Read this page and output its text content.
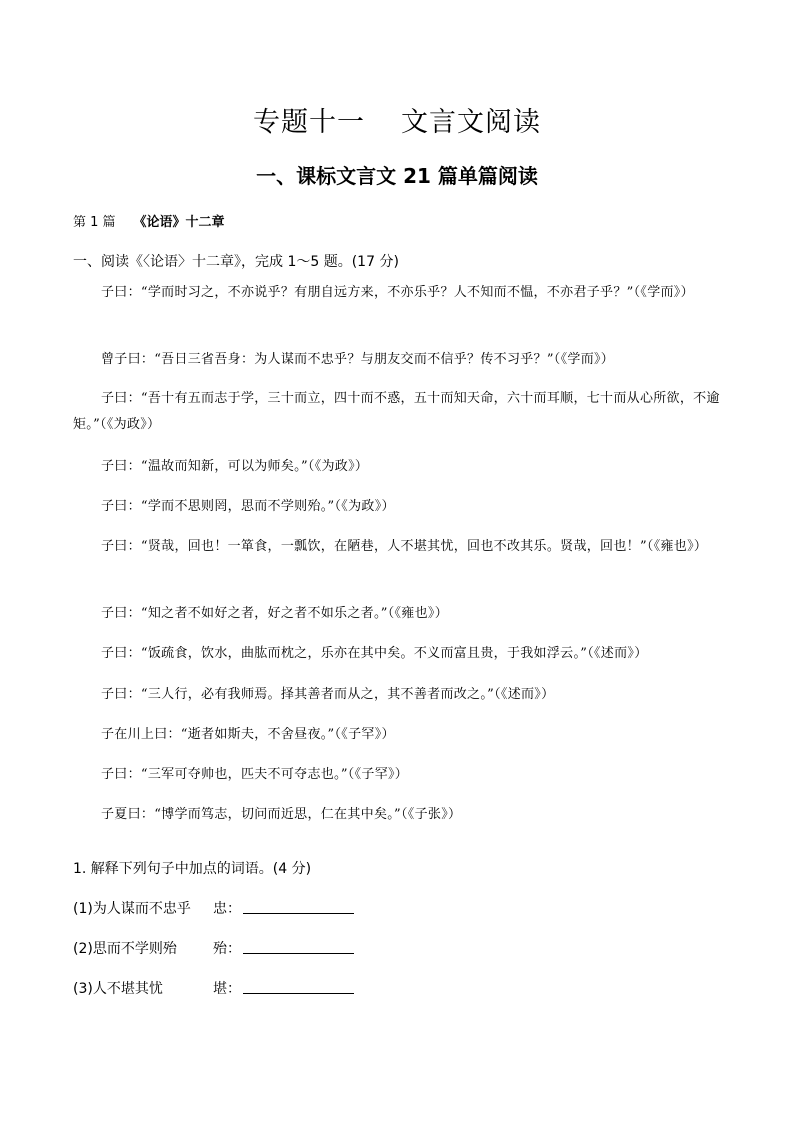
专题十一 文言文阅读
一、课标文言文 21 篇单篇阅读
第 1 篇 《论语》十二章
一、阅读《〈论语〉十二章》，完成 1～5 题。(17 分)

子曰：“学而时习之，不亦说乎？有朋自远方来，不亦乐乎？人不知而不愠，不亦君子乎？”（《学而》）

曾子曰：“吾日三省吾身：为人谋而不忠乎？与朋友交而不信乎？传不习乎？”（《学而》）

子曰：“吾十有五而志于学，三十而立，四十而不惑，五十而知天命，六十而耳顺，七十而从心所欲，不逾矩。”（《为政》）

子曰：“温故而知新，可以为师矣。”（《为政》）

子曰：“学而不思则罔，思而不学则殆。”（《为政》）

子曰：“贤哉，回也！一箪食，一瓢饮，在陋巷，人不堪其忧，回也不改其乐。贤哉，回也！”（《雍也》）

子曰：“知之者不如好之者，好之者不如乐之者。”（《雍也》）

子曰：“饭疏食，饮水，曲肱而枕之，乐亦在其中矣。不义而富且贵，于我如浮云。”（《述而》）

子曰：“三人行，必有我师焉。择其善者而从之，其不善者而改之。”（《述而》）

子在川上曰：“逝者如斯夫，不舍昼夜。”（《子罕》）

子曰：“三军可夺帅也，匹夫不可夺志也。”（《子罕》）

子夏曰：“博学而笃志，切问而近思，仁在其中矣。”（《子张》）

1. 解释下列句子中加点的词语。(4 分)
(1)为人谋而不忠乎 忠：
(2)思而不学则殆	殆：
(3)人不堪其忧	堪：
